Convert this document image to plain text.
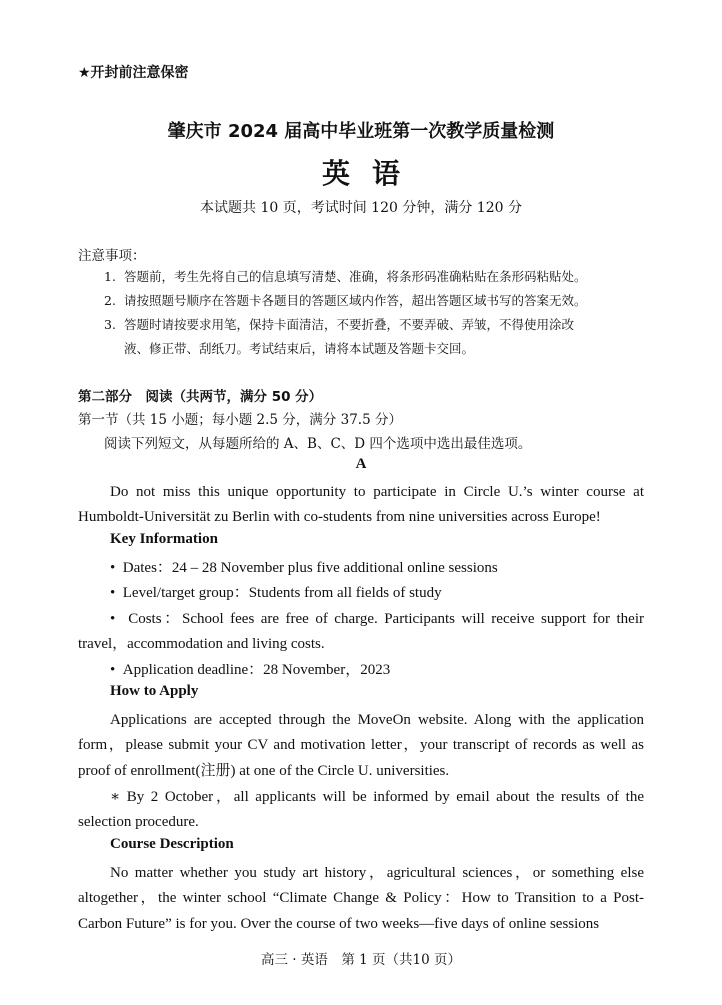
★开封前注意保密
肇庆市 2024 届高中毕业班第一次教学质量检测
英语
本试题共 10 页，考试时间 120 分钟，满分 120 分
注意事项：
1. 答题前，考生先将自己的信息填写清楚、准确，将条形码准确粘贴在条形码粘贴处。
2. 请按照题号顺序在答题卡各题目的答题区域内作答，超出答题区域书写的答案无效。
3. 答题时请按要求用笔，保持卡面清洁，不要折叠，不要弄破、弄皱，不得使用涂改
液、修正带、刮纸刀。考试结束后，请将本试题及答题卡交回。
第二部分　阅读（共两节，满分 50 分）
第一节（共 15 小题；每小题 2.5 分，满分 37.5 分）
阅读下列短文，从每题所给的 A、B、C、D 四个选项中选出最佳选项。
A
Do not miss this unique opportunity to participate in Circle U.’s winter course at Humboldt-Universität zu Berlin with co-students from nine universities across Europe!
Key Information
•  Dates：24 – 28 November plus five additional online sessions
•  Level/target group：Students from all fields of study
•  Costs：School fees are free of charge. Participants will receive support for their travel，accommodation and living costs.
•  Application deadline：28 November，2023
How to Apply
Applications are accepted through the MoveOn website. Along with the application form，please submit your CV and motivation letter，your transcript of records as well as proof of enrollment(注册) at one of the Circle U. universities.
∗ By 2 October，all applicants will be informed by email about the results of the selection procedure.
Course Description
No matter whether you study art history，agricultural sciences，or something else altogether，the winter school “Climate Change & Policy：How to Transition to a Post-Carbon Future” is for you. Over the course of two weeks—five days of online sessions
高三 · 英语　第 1 页（共10 页）
